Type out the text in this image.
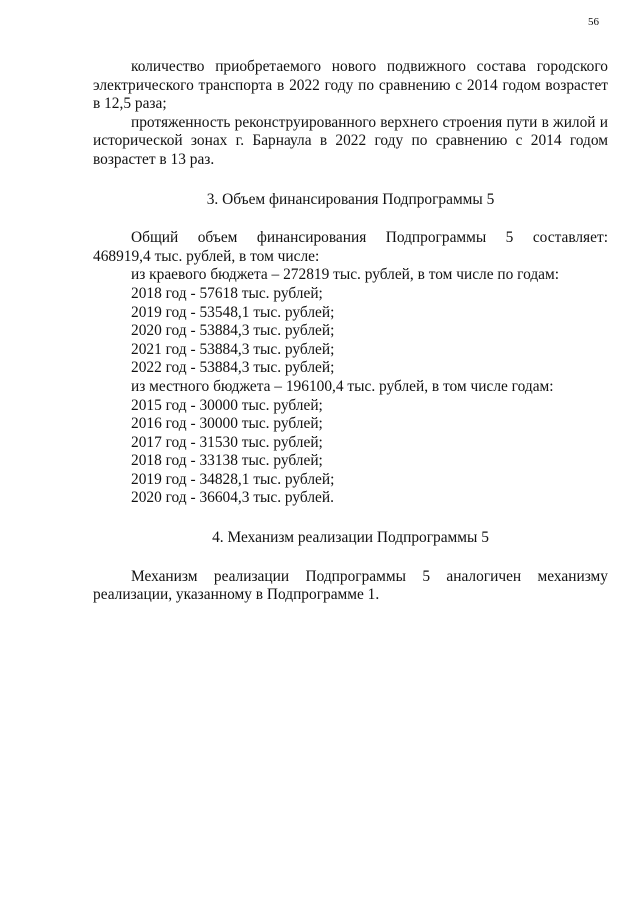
56

количество приобретаемого нового подвижного состава городского электрического транспорта в 2022 году по сравнению с 2014 годом возрастет в 12,5 раза;

протяженность реконструированного верхнего строения пути в жилой и исторической зонах г. Барнаула в 2022 году по сравнению с 2014 годом возрастет в 13 раз.

3. Объем финансирования Подпрограммы 5

Общий объем финансирования Подпрограммы 5 составляет:

468919,4 тыс. рублей, в том числе:

из краевого бюджета – 272819 тыс. рублей, в том числе по годам:

2018 год - 57618 тыс. рублей;

2019 год - 53548,1 тыс. рублей;

2020 год - 53884,3 тыс. рублей;

2021 год - 53884,3 тыс. рублей;

2022 год - 53884,3 тыс. рублей;

из местного бюджета – 196100,4 тыс. рублей, в том числе годам:

2015 год - 30000 тыс. рублей;

2016 год - 30000 тыс. рублей;

2017 год - 31530 тыс. рублей;

2018 год - 33138 тыс. рублей;

2019 год - 34828,1 тыс. рублей;

2020 год - 36604,3 тыс. рублей.

4. Механизм реализации Подпрограммы 5

Механизм реализации Подпрограммы 5 аналогичен механизму реализации, указанному в Подпрограмме 1.
